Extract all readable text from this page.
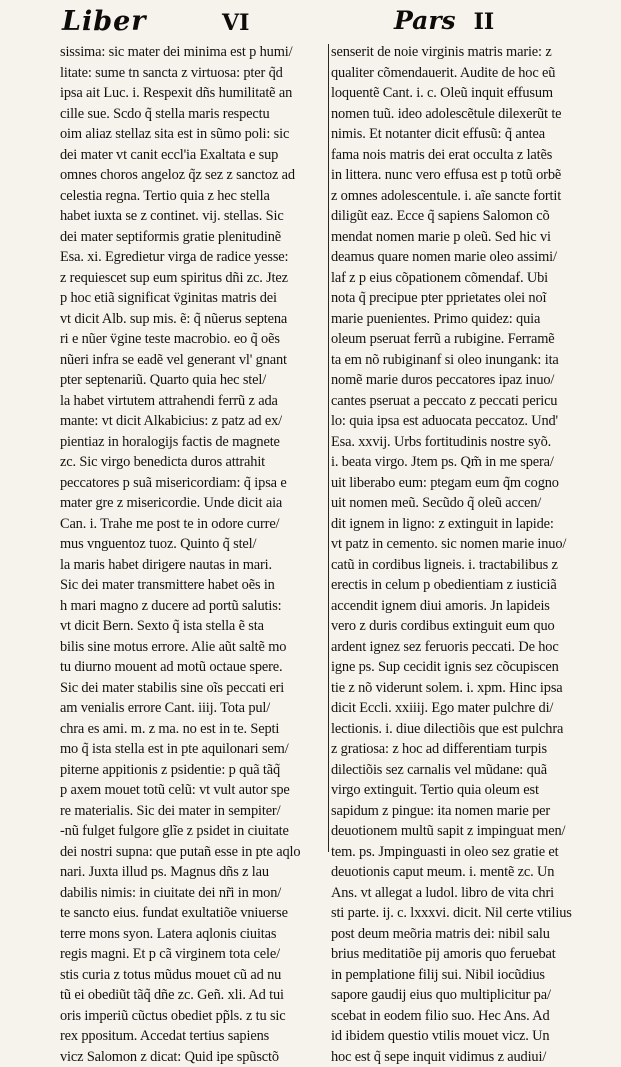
Liber	VI	Pars II
sissima: sic mater dei minima est p humi/
litate: sume tn sancta z virtuosa: pter q̃d
ipsa ait Luc. i. Respexit dñs humilitatẽ an
cille sue. Scdo q̃ stella maris respectu
oim aliaz stellaz sita est in sũmo poli: sic
dei mater vt canit eccl'ia Exaltata e sup
omnes choros angeloz q̃z sez z sanctoz ad
celestia regna. Tertio quia z hec stella
habet iuxta se z continet. vij. stellas. Sic
dei mater septiformis gratie plenitudinẽ
Esa. xi. Egredietur virga de radice yesse:
z requiescet sup eum spiritus dñi zc. Jtez
p hoc etiã significat v̈ginitas matris dei
vt dicit Alb. sup mis. ẽ: q̃ nũerus septena
ri e nũer v̈gine teste macrobio. eo q̃ oẽs
nũeri infra se eadẽ vel generant vl' gnant
pter septenariũ. Quarto quia hec stel/
la habet virtutem attrahendi ferrũ z ada
mante: vt dicit Alkabicius: z patz ad ex/
pientiaz in horalogijs factis de magnete
zc. Sic virgo benedicta duros attrahit
peccatores p suã misericordiam: q̃ ipsa e
mater gre z misericordie. Unde dicit aia
Can. i. Trahe me post te in odore curre/
mus vnguentoz tuoz. Quinto q̃ stel/
la maris habet dirigere nautas in mari.
Sic dei mater transmittere habet oẽs in
h mari magno z ducere ad portũ salutis:
vt dicit Bern. Sexto q̃ ista stella ẽ sta
bilis sine motus errore. Alie aũt saltẽ mo
tu diurno mouent ad motũ octaue spere.
Sic dei mater stabilis sine oĩs peccati eri
am venialis errore Cant. iiij. Tota pul/
chra es ami. m. z ma. no est in te. Septi
mo q̃ ista stella est in pte aquilonari sem/
piterne appitionis z psidentie: p quã tãq̃
p axem mouet totũ celũ: vt vult autor spe
re materialis. Sic dei mater in sempiter/
-nũ fulget fulgore glĩe z psidet in ciuitate
dei nostri supna: que putañ esse in pte aqlo
nari. Juxta illud ps. Magnus dñs z lau
dabilis nimis: in ciuitate dei nr̃i in mon/
te sancto eius. fundat exultatiõe vniuerse
terre mons syon. Latera aqlonis ciuitas
regis magni. Et p cã virginem tota cele/
stis curia z totus mũdus mouet cũ ad nu
tũ ei obediũt tãq̃ dñe zc. Geñ. xli. Ad tui
oris imperiũ cũctus obediet pp̃ls. z tu sic
rex ppositum. Accedat tertius sapiens
vicz Salomon z dicat: Quid ipe spũsctõ
senserit de noie virginis matris marie: z
qualiter cõmendauerit. Audite de hoc eũ
loquentẽ Cant. i. c. Oleũ inquit effusum
nomen tuũ. ideo adolescẽtule dilexerũt te
nimis. Et notanter dicit effusũ: q̃ antea
fama nois matris dei erat occulta z latẽs
in littera. nunc vero effusa est p totũ orbẽ
z omnes adolescentule. i. aĩe sancte fortit
diligũt eaz. Ecce q̃ sapiens Salomon cõ
mendat nomen marie p oleũ. Sed hic vi
deamus quare nomen marie oleo assimi/
laf z p eius cõpationem cõmendaf. Ubi
nota q̃ precipue pter pprietates olei noĩ
marie puenientes. Primo quidez: quia
oleum pseruat ferrũ a rubigine. Ferramẽ
ta em nõ rubiginanf si oleo inungank: ita
nomẽ marie duros peccatores ipaz inuo/
cantes pseruat a peccato z peccati pericu
lo: quia ipsa est aduocata peccatoz. Und'
Esa. xxvij. Urbs fortitudinis nostre syõ.
i. beata virgo. Jtem ps. Qm̃ in me spera/
uit liberabo eum: ptegam eum q̃m cogno
uit nomen meũ. Secũdo q̃ oleũ accen/
dit ignem in ligno: z extinguit in lapide:
vt patz in cemento. sic nomen marie inuo/
catũ in cordibus ligneis. i. tractabilibus z
erectis in celum p obedientiam z iusticiã
accendit ignem diui amoris. Jn lapideis
vero z duris cordibus extinguit eum quo
ardent ignez sez feruoris peccati. De hoc
igne ps. Sup cecidit ignis sez cõcupiscen
tie z nõ viderunt solem. i. xpm. Hinc ipsa
dicit Eccli. xxiiij. Ego mater pulchre di/
lectionis. i. diue dilectiõis que est pulchra
z gratiosa: z hoc ad differentiam turpis
dilectiõis sez carnalis vel mũdane: quã
virgo extinguit. Tertio quia oleum est
sapidum z pingue: ita nomen marie per
deuotionem multũ sapit z impinguat men/
tem. ps. Jmpinguasti in oleo sez gratie et
deuotionis caput meum. i. mentẽ zc. Un
Ans. vt allegat a ludol. libro de vita chri
sti parte. ij. c. lxxxvi. dicit. Nil certe vtilius
post deum meõria matris dei: nibil salu
brius meditatiõe pij amoris quo feruebat
in pemplatione filij sui. Nibil iocũdius
sapore gaudij eius quo multiplicitur pa/
scebat in eodem filio suo. Hec Ans. Ad
id ibidem questio vtilis mouet vicz. Un
hoc est q̃ sepe inquit vidimus z audiui/
